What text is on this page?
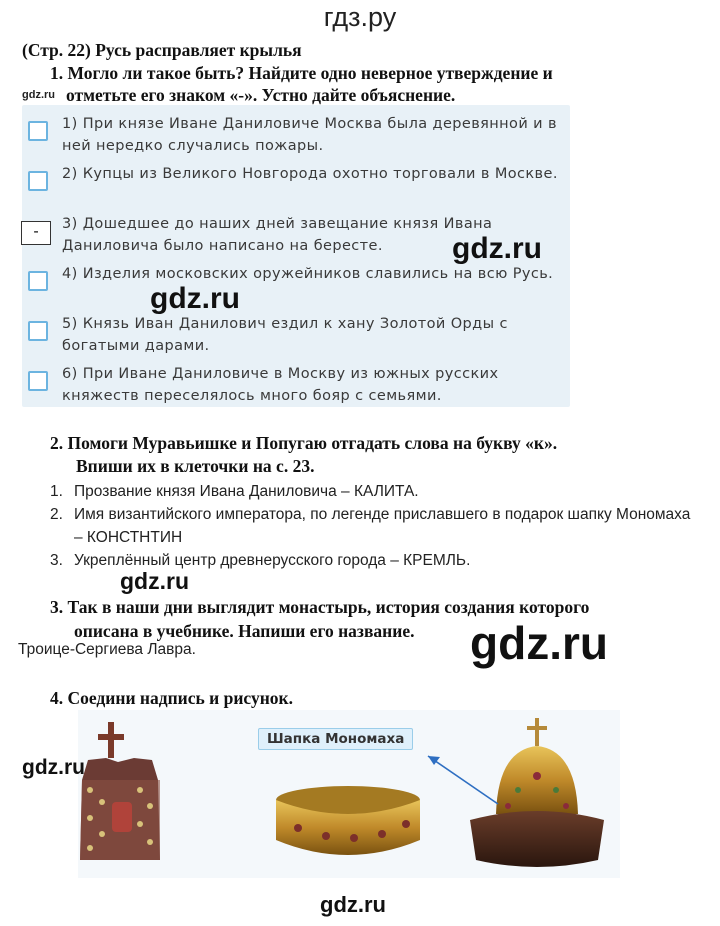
гдз.ру
(Стр. 22) Русь расправляет крылья
1. Могло ли такое быть? Найдите одно неверное утверждение и
отметьте его знаком «-». Устно дайте объяснение.
gdz.ru
1) При князе Иване Даниловиче Москва была деревянной и в ней нередко случались пожары.
2) Купцы из Великого Новгорода охотно торговали в Москве.
3) Дошедшее до наших дней завещание князя Ивана Даниловича было написано на бересте.
4) Изделия московских оружейников славились на всю Русь.
5) Князь Иван Данилович ездил к хану Золотой Орды с богатыми дарами.
6) При Иване Даниловиче в Москву из южных русских княжеств переселялось много бояр с семьями.
-
gdz.ru
gdz.ru
2. Помоги Муравьишке и Попугаю отгадать слова на букву «к».
Впиши их в клеточки на с. 23.
1. Прозвание князя Ивана Даниловича – КАЛИТА.
2. Имя византийского императора, по легенде приславшего в подарок шапку Мономаха – КОНСТНТИН
3. Укреплённый центр древнерусского города – КРЕМЛЬ.
gdz.ru
3. Так в наши дни выглядит монастырь, история создания которого
описана в учебнике. Напиши его название.
Троице-Сергиева Лавра.	gdz.ru
4. Соедини надпись и рисунок.
Шапка Мономаха
gdz.ru
gdz.ru
